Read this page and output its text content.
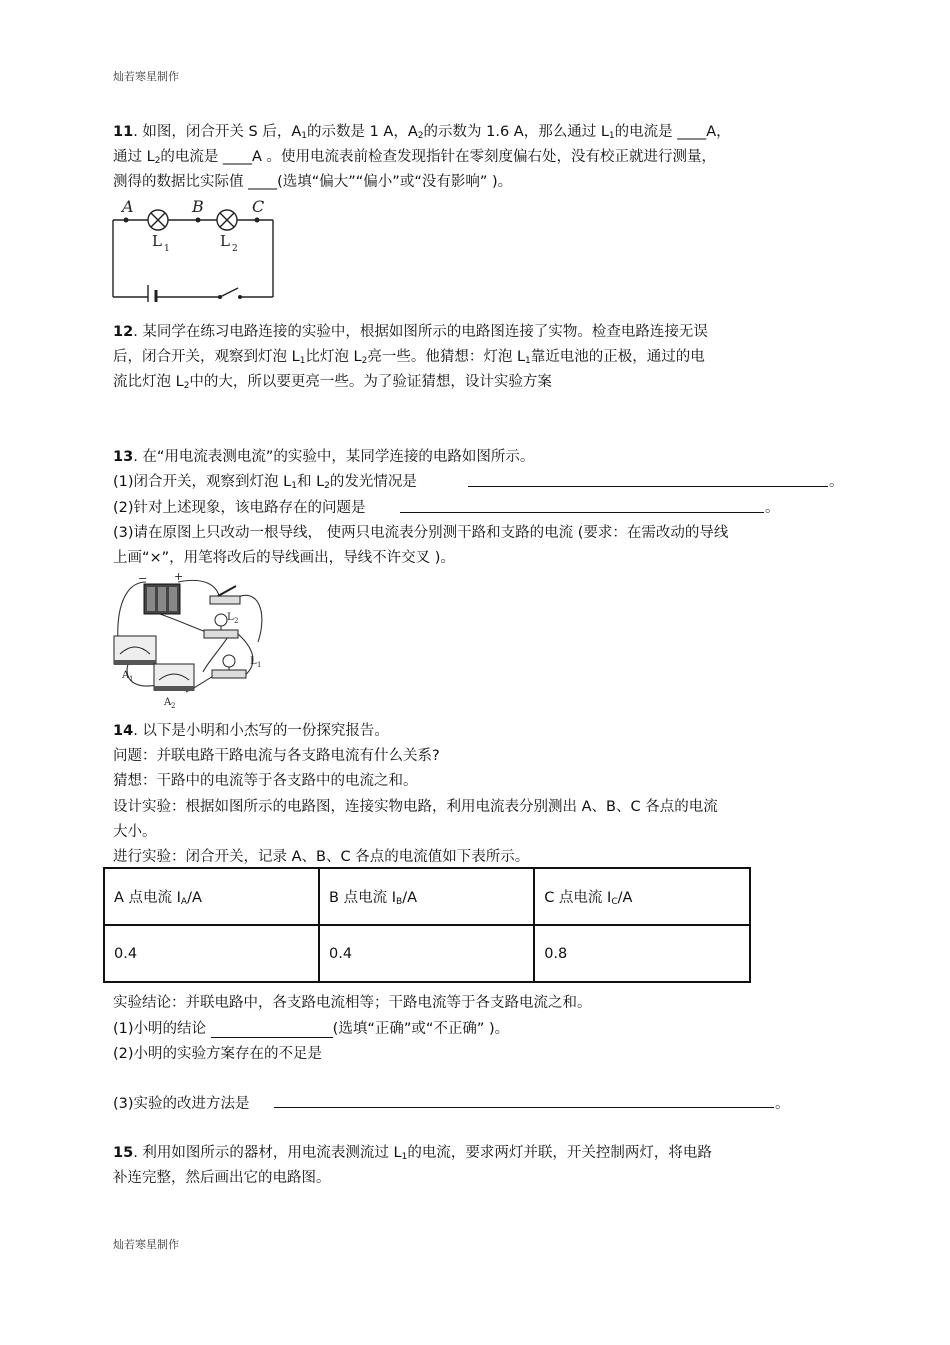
灿若寒星制作
灿若寒星制作
11. 如图，闭合开关 S 后，$A_1$的示数是 1 A，$A_2$的示数为 1.6 A，那么通过 $L_1$的电流是 ____A，
通过 $L_2$的电流是 ____A 。使用电流表前检查发现指针在零刻度偏右处，没有校正就进行测量，
测得的数据比实际值 ____(选填“偏大”“偏小”或“没有影响” )。
A	B	C
L 1	L 2
12. 某同学在练习电路连接的实验中，根据如图所示的电路图连接了实物。检查电路连接无误
后，闭合开关，观察到灯泡 $L_1$比灯泡 $L_2$亮一些。他猜想：灯泡 $L_1$靠近电池的正极，通过的电
流比灯泡 $L_2$中的大，所以要更亮一些。为了验证猜想，设计实验方案
13. 在“用电流表测电流”的实验中，某同学连接的电路如图所示。
(1)闭合开关，观察到灯泡 $L_1$和 $L_2$的发光情况是	。
(2)针对上述现象，该电路存在的问题是	。
(3)请在原图上只改动一根导线， 使两只电流表分别测干路和支路的电流 (要求：在需改动的导线
上画“×”，用笔将改后的导线画出，导线不许交叉 )。
− +
L 2
A 1
A 2
L 1
14. 以下是小明和小杰写的一份探究报告。
问题：并联电路干路电流与各支路电流有什么关系?
猜想：干路中的电流等于各支路中的电流之和。
设计实验：根据如图所示的电路图，连接实物电路，利用电流表分别测出 A、B、C 各点的电流
大小。
进行实验：闭合开关，记录 A、B、C 各点的电流值如下表所示。
A 点电流 $I_A/A$	B 点电流 $I_B/A$	C 点电流 $I_C/A$
0.4	0.4	0.8
实验结论：并联电路中，各支路电流相等；干路电流等于各支路电流之和。
(1)小明的结论	(选填“正确”或“不正确” )。
(2)小明的实验方案存在的不足是
(3)实验的改进方法是	。
15. 利用如图所示的器材，用电流表测流过 $L_1$的电流，要求两灯并联，开关控制两灯，将电路
补连完整，然后画出它的电路图。
